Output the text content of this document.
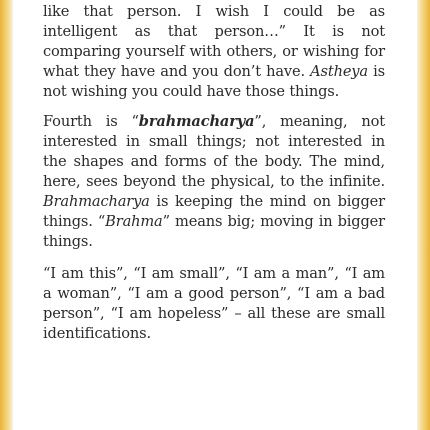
like that person. I wish I could be as intelligent as that person…” It is not comparing yourself with others, or wishing for what they have and you don’t have. Astheya is not wishing you could have those things.

Fourth is “brahmacharya”, meaning, not interested in small things; not interested in the shapes and forms of the body. The mind, here, sees beyond the physical, to the infinite. Brahmacharya is keeping the mind on bigger things. “Brahma” means big; moving in bigger things.

“I am this”, “I am small”, “I am a man”, “I am a woman”, “I am a good person”, “I am a bad person”, “I am hopeless” – all these are small identifications.
